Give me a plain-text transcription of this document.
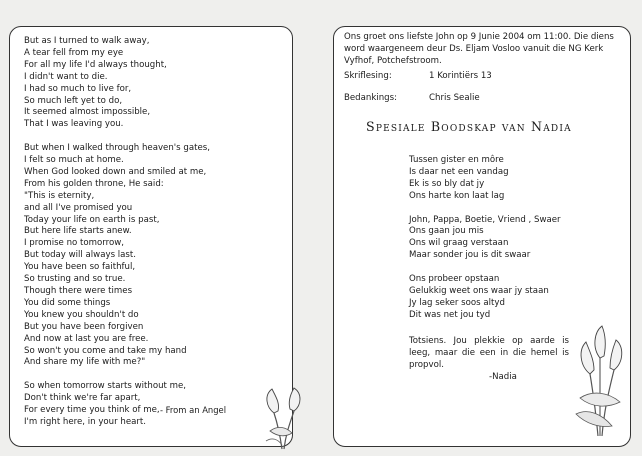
But as I turned to walk away,
A tear fell from my eye
For all my life I'd always thought,
I didn't want to die.
I had so much to live for,
So much left yet to do,
It seemed almost impossible,
That I was leaving you.
But when I walked through heaven's gates,
I felt so much at home.
When God looked down and smiled at me,
From his golden throne, He said:
"This is eternity,
and all I've promised you
Today your life on earth is past,
But here life starts anew.
I promise no tomorrow,
But today will always last.
You have been so faithful,
So trusting and so true.
Though there were times
You did some things
You knew you shouldn't do
But you have been forgiven
And now at last you are free.
So won't you come and take my hand
And share my life with me?"
So when tomorrow starts without me,
Don't think we're far apart,
For every time you think of me,
I'm right here, in your heart.
- From an Angel
Ons groet ons liefste John op 9 Junie 2004 om 11:00. Die diens word waargeneem deur Ds. Eljam Vosloo vanuit die NG Kerk Vyfhof, Potchefstroom.
Skriflesing:	1 Korintiërs 13
Bedankings:	Chris Sealie
Spesiale Boodskap van Nadia
Tussen gister en môre
Is daar net een vandag
Ek is so bly dat jy
Ons harte kon laat lag
John, Pappa, Boetie, Vriend , Swaer
Ons gaan jou mis
Ons wil graag verstaan
Maar sonder jou is dit swaar
Ons probeer opstaan
Gelukkig weet ons waar jy staan
Jy lag seker soos altyd
Dit was net jou tyd
Totsiens. Jou plekkie op aarde is leeg, maar die een in die hemel is propvol.
-Nadia
